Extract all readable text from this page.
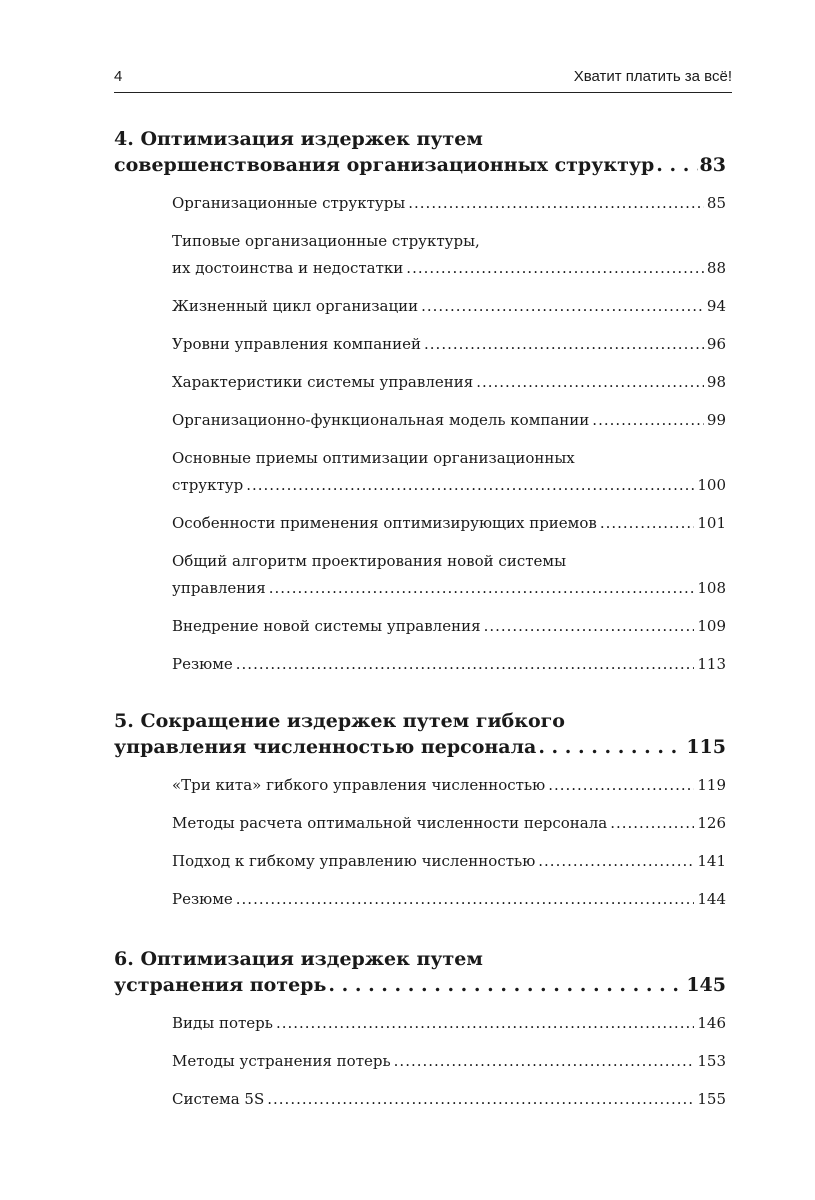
4	Хватит платить за всё!
4. Оптимизация издержек путем
совершенствования организационных структур . . . 83
Организационные структуры .....	85
Типовые организационные структуры,
их достоинства и недостатки .....	88
Жизненный цикл организации .....	94
Уровни управления компанией .....	96
Характеристики системы управления .....	98
Организационно-функциональная модель компании .....	99
Основные приемы оптимизации организационных
структур .....	100
Особенности применения оптимизирующих приемов .....	101
Общий алгоритм проектирования новой системы
управления .....	108
Внедрение новой системы управления .....	109
Резюме .....	113
5. Сокращение издержек путем гибкого
управления численностью персонала . . .	115
«Три кита» гибкого управления численностью .....	119
Методы расчета оптимальной численности персонала .....	126
Подход к гибкому управлению численностью .....	141
Резюме .....	144
6. Оптимизация издержек путем
устранения потерь . . .	145
Виды потерь .....	146
Методы устранения потерь .....	153
Система 5S .....	155
